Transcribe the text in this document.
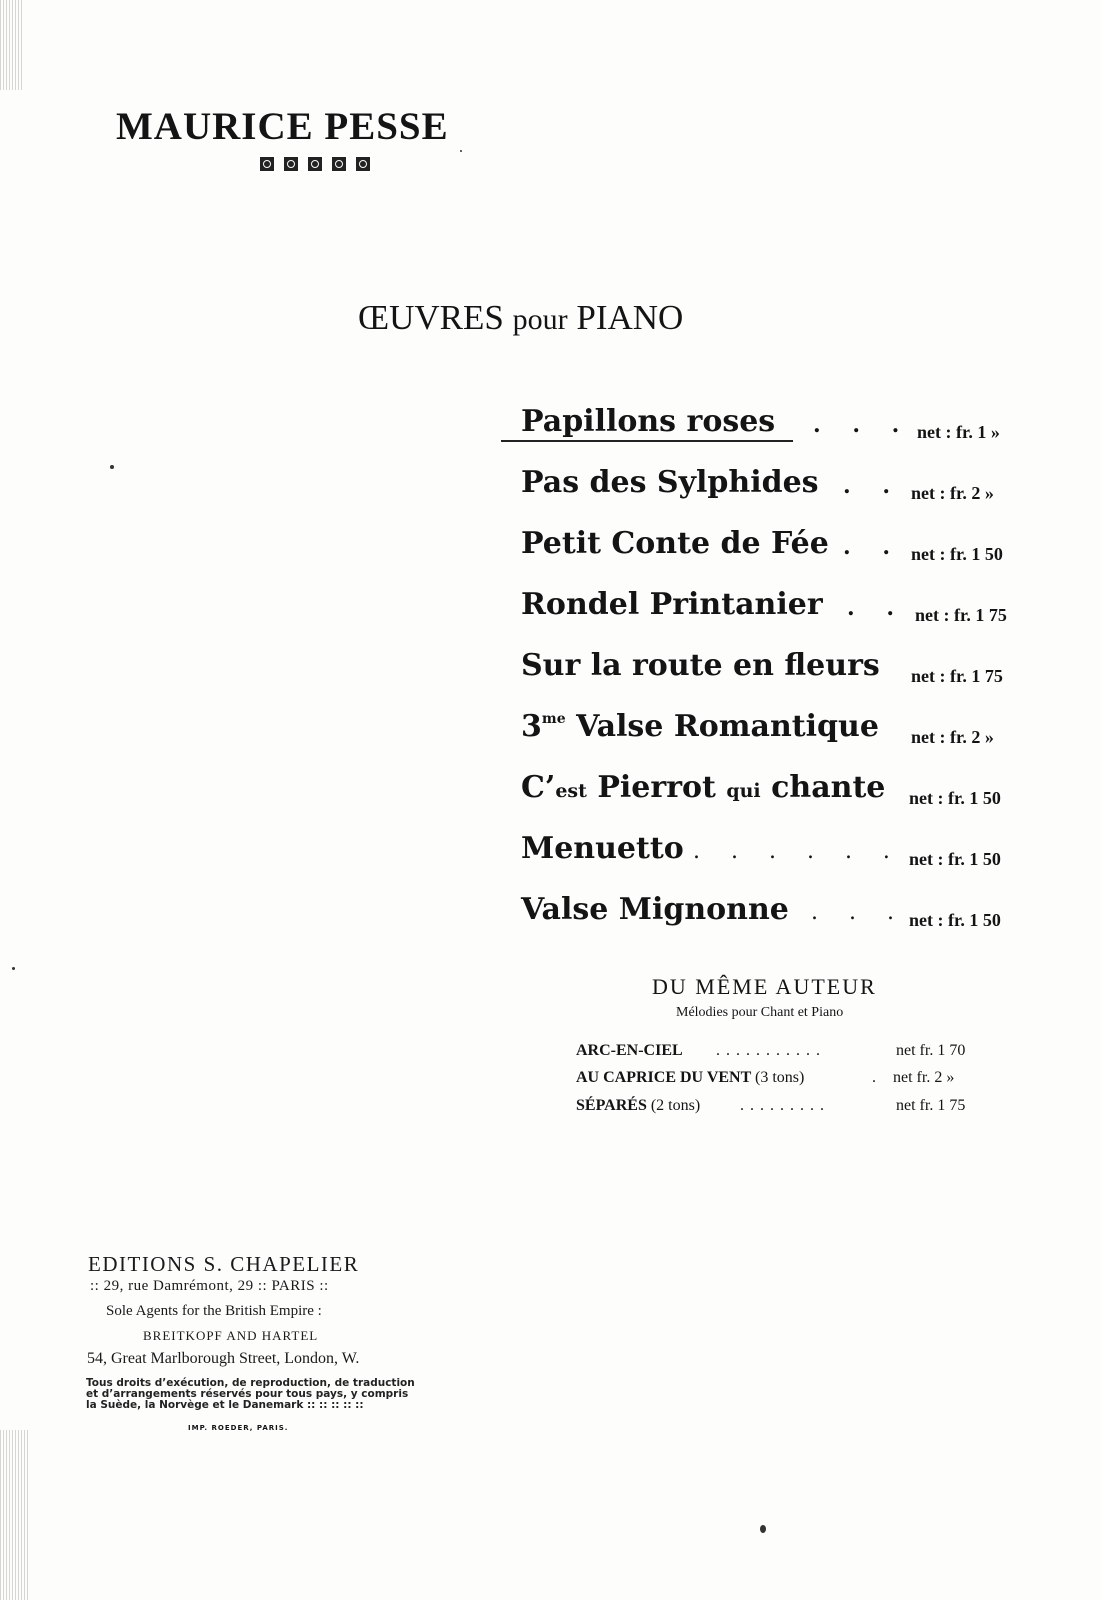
MAURICE PESSE
ŒUVRES pour PIANO
Papillons roses . . . net : fr. 1 »
Pas des Sylphides . . net : fr. 2 »
Petit Conte de Fée . . net : fr. 1 50
Rondel Printanier . . net : fr. 1 75
Sur la route en fleurs net : fr. 1 75
$3^{me}$ Valse Romantique net : fr. 2 »
C’est Pierrot qui chante net : fr. 1 50
Menuetto . . . . . . net : fr. 1 50
Valse Mignonne . . . net : fr. 1 50
DU MÊME AUTEUR
Mélodies pour Chant et Piano
ARC-EN-CIEL ...........	net fr. 1 70
AU CAPRICE DU VENT (3 tons)	. net fr. 2 »
SÉPARÉS (2 tons) .........	net fr. 1 75
EDITIONS S. CHAPELIER
:: 29, rue Damrémont, 29 :: PARIS ::
Sole Agents for the British Empire :
BREITKOPF AND HARTEL
54, Great Marlborough Street, London, W.
Tous droits d’exécution, de reproduction, de traduction
et d’arrangements réservés pour tous pays, y compris
la Suède, la Norvège et le Danemark :: :: :: :: ::
IMP. ROEDER, PARIS.
